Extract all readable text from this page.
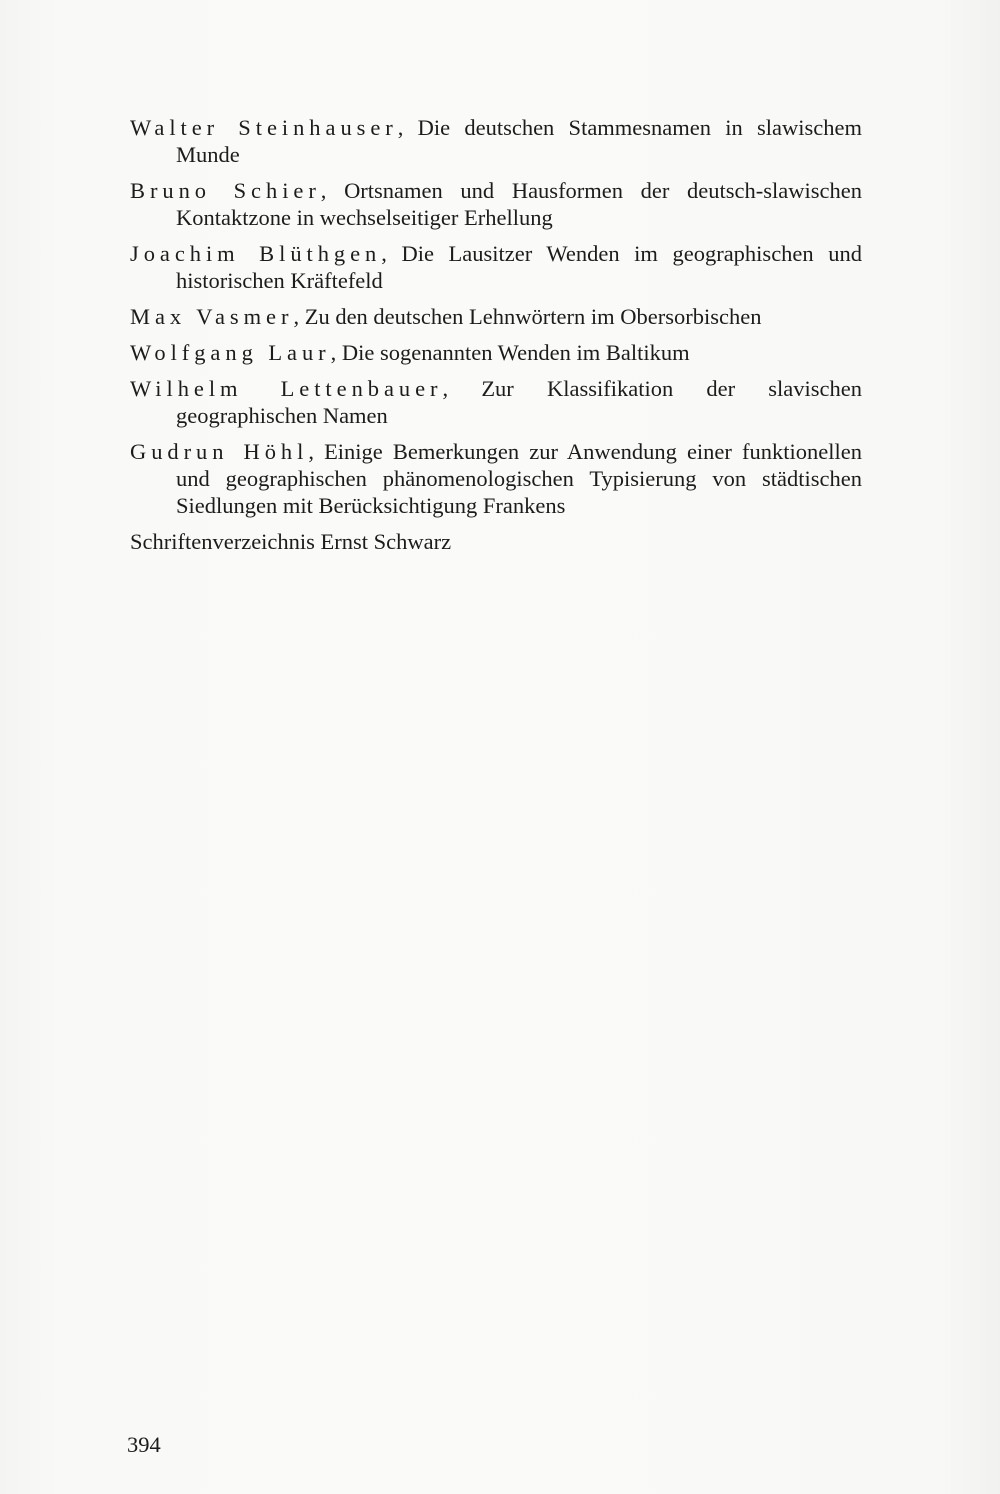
Walter Steinhauser, Die deutschen Stammesnamen in slawischem Munde
Bruno Schier, Ortsnamen und Hausformen der deutsch-slawischen Kontaktzone in wechselseitiger Erhellung
Joachim Blüthgen, Die Lausitzer Wenden im geographischen und historischen Kräftefeld
Max Vasmer, Zu den deutschen Lehnwörtern im Obersorbischen
Wolfgang Laur, Die sogenannten Wenden im Baltikum
Wilhelm Lettenbauer, Zur Klassifikation der slavischen geographischen Namen
Gudrun Höhl, Einige Bemerkungen zur Anwendung einer funktionellen und geographischen phänomenologischen Typisierung von städtischen Siedlungen mit Berücksichtigung Frankens
Schriftenverzeichnis Ernst Schwarz
394
